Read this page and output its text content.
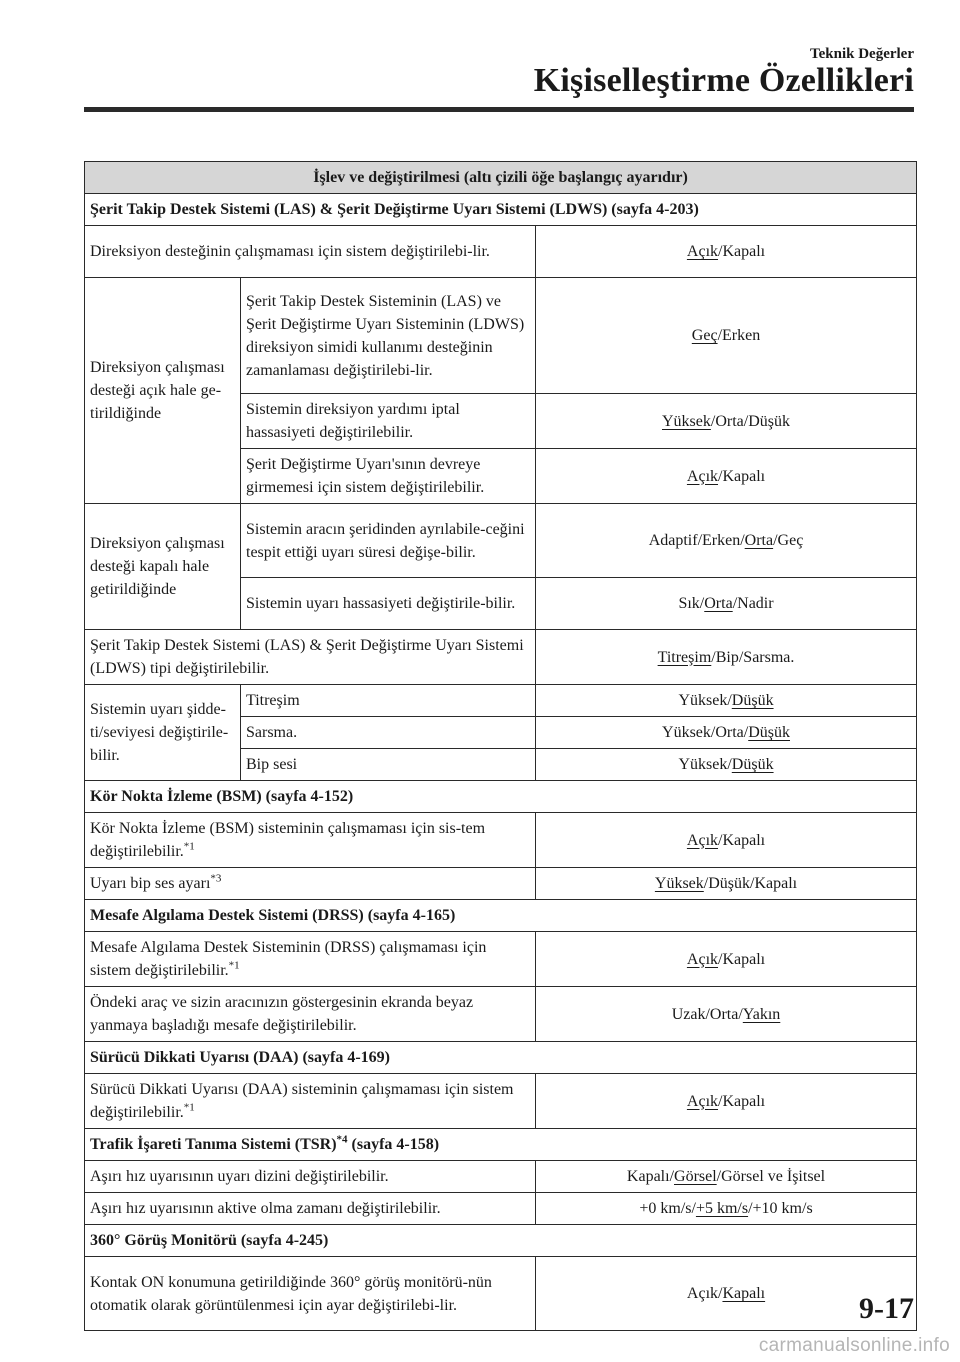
Teknik Değerler
Kişiselleştirme Özellikleri
İşlev ve değiştirilmesi (altı çizili öğe başlangıç ayarıdır)		
Şerit Takip Destek Sistemi (LAS) & Şerit Değiştirme Uyarı Sistemi (LDWS) (sayfa 4-203)		
Direksiyon desteğinin çalışmaması için sistem değiştirilebi-lir.		Açık/Kapalı
Direksiyon çalışması desteği açık hale ge-tirildiğinde	Şerit Takip Destek Sisteminin (LAS) ve Şerit Değiştirme Uyarı Sisteminin (LDWS) direksiyon simidi kullanımı desteğinin zamanlaması değiştirilebi-lir.	Geç/Erken
	Sistemin direksiyon yardımı iptal hassasiyeti değiştirilebilir.	Yüksek/Orta/Düşük
	Şerit Değiştirme Uyarı'sının devreye girmemesi için sistem değiştirilebilir.	Açık/Kapalı
Direksiyon çalışması desteği kapalı hale getirildiğinde	Sistemin aracın şeridinden ayrılabile-ceğini tespit ettiği uyarı süresi değişe-bilir.	Adaptif/Erken/Orta/Geç
	Sistemin uyarı hassasiyeti değiştirile-bilir.	Sık/Orta/Nadir
Şerit Takip Destek Sistemi (LAS) & Şerit Değiştirme Uyarı Sistemi (LDWS) tipi değiştirilebilir.		Titreşim/Bip/Sarsma.
Sistemin uyarı şidde-ti/seviyesi değiştirile-bilir.	Titreşim	Yüksek/Düşük
	Sarsma.	Yüksek/Orta/Düşük
	Bip sesi	Yüksek/Düşük
Kör Nokta İzleme (BSM) (sayfa 4-152)		
Kör Nokta İzleme (BSM) sisteminin çalışmaması için sis-tem değiştirilebilir.$^{*1}$		Açık/Kapalı
Uyarı bip ses ayarı$^{*3}$		Yüksek/Düşük/Kapalı
Mesafe Algılama Destek Sistemi (DRSS) (sayfa 4-165)		
Mesafe Algılama Destek Sisteminin (DRSS) çalışmaması için sistem değiştirilebilir.$^{*1}$		Açık/Kapalı
Öndeki araç ve sizin aracınızın göstergesinin ekranda beyaz yanmaya başladığı mesafe değiştirilebilir.		Uzak/Orta/Yakın
Sürücü Dikkati Uyarısı (DAA) (sayfa 4-169)		
Sürücü Dikkati Uyarısı (DAA) sisteminin çalışmaması için sistem değiştirilebilir.$^{*1}$		Açık/Kapalı
Trafik İşareti Tanıma Sistemi (TSR)$^{*4}$ (sayfa 4-158)		
Aşırı hız uyarısının uyarı dizini değiştirilebilir.		Kapalı/Görsel/Görsel ve İşitsel
Aşırı hız uyarısının aktive olma zamanı değiştirilebilir.		+0 km/s/+5 km/s/+10 km/s
360° Görüş Monitörü (sayfa 4-245)		
Kontak ON konumuna getirildiğinde 360° görüş monitörü-nün otomatik olarak görüntülenmesi için ayar değiştirilebi-lir.		Açık/Kapalı	9-17
carmanualsonline.info
